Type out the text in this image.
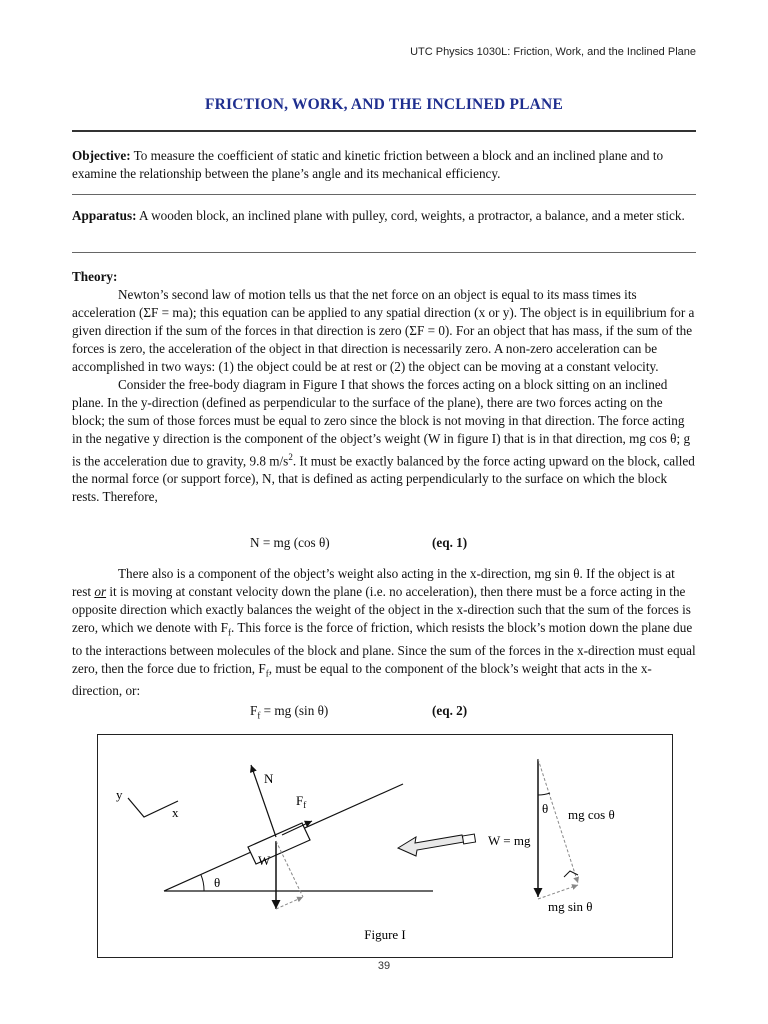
UTC Physics 1030L: Friction, Work, and the Inclined Plane
FRICTION, WORK, AND THE INCLINED PLANE

Objective: To measure the coefficient of static and kinetic friction between a block and an inclined plane and to examine the relationship between the plane’s angle and its mechanical efficiency.

Apparatus: A wooden block, an inclined plane with pulley, cord, weights, a protractor, a balance, and a meter stick.

Theory:

Newton’s second law of motion tells us that the net force on an object is equal to its mass times its acceleration (ΣF = ma); this equation can be applied to any spatial direction (x or y). The object is in equilibrium for a given direction if the sum of the forces in that direction is zero (ΣF = 0). For an object that has mass, if the sum of the forces is zero, the acceleration of the object in that direction is necessarily zero. A non-zero acceleration can be accomplished in two ways: (1) the object could be at rest or (2) the object can be moving at a constant velocity.

Consider the free-body diagram in Figure I that shows the forces acting on a block sitting on an inclined plane. In the y-direction (defined as perpendicular to the surface of the plane), there are two forces acting on the block; the sum of those forces must be equal to zero since the block is not moving in that direction. The force acting in the negative y direction is the component of the object’s weight (W in figure I) that is in that direction, mg cos θ; g is the acceleration due to gravity, 9.8 $m/s^2$. It must be exactly balanced by the force acting upward on the block, called the normal force (or support force), N, that is defined as acting perpendicularly to the surface on which the block rests. Therefore,

N = mg (cos θ)	(eq. 1)

There also is a component of the object’s weight also acting in the x-direction, mg sin θ. If the object is at rest or it is moving at constant velocity down the plane (i.e. no acceleration), then there must be a force acting in the opposite direction which exactly balances the weight of the object in the x-direction such that the sum of the forces is zero, which we denote with $F_f$. This force is the force of friction, which resists the block’s motion down the plane due to the interactions between molecules of the block and plane. Since the sum of the forces in the x-direction must equal zero, then the force due to friction, $F_f$, must be equal to the component of the block’s weight that acts in the x-direction, or:

$F_f$ = mg (sin θ)	(eq. 2)
y
x
θ
N
$F_f$
W
θ
W = mg
mg cos θ
mg sin θ
Figure I
39
